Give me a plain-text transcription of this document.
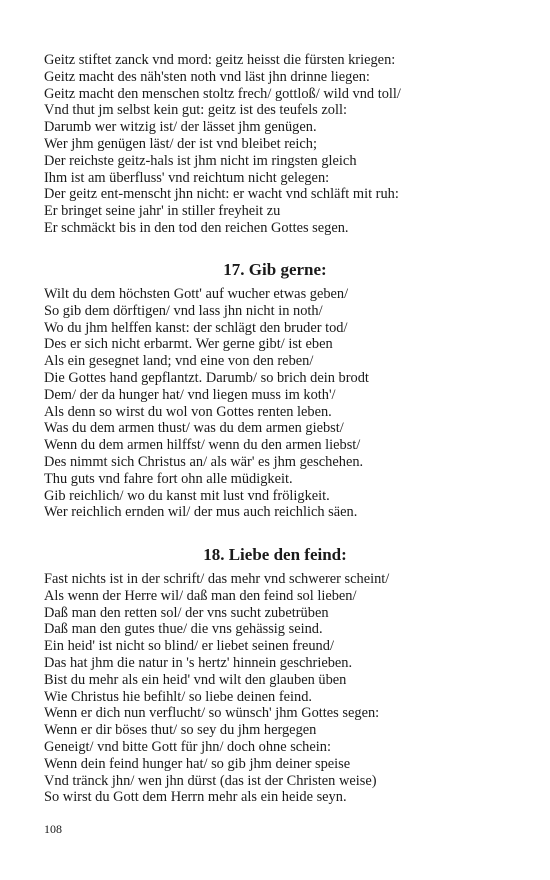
Geitz stiftet zanck vnd mord: geitz heisst die fürsten kriegen:
Geitz macht des näh'sten noth vnd läst jhn drinne liegen:
Geitz macht den menschen stoltz frech/ gottloß/ wild vnd toll/
Vnd thut jm selbst kein gut: geitz ist des teufels zoll:
Darumb wer witzig ist/ der lässet jhm genügen.
Wer jhm genügen läst/ der ist vnd bleibet reich;
Der reichste geitz-hals ist jhm nicht im ringsten gleich
Ihm ist am überfluss' vnd reichtum nicht gelegen:
Der geitz ent-menscht jhn nicht: er wacht vnd schläft mit ruh:
Er bringet seine jahr' in stiller freyheit zu
Er schmäckt bis in den tod den reichen Gottes segen.
17. Gib gerne:
Wilt du dem höchsten Gott' auf wucher etwas geben/
So gib dem dörftigen/ vnd lass jhn nicht in noth/
Wo du jhm helffen kanst: der schlägt den bruder tod/
Des er sich nicht erbarmt. Wer gerne gibt/ ist eben
Als ein gesegnet land; vnd eine von den reben/
Die Gottes hand gepflantzt. Darumb/ so brich dein brodt
Dem/ der da hunger hat/ vnd liegen muss im koth'/
Als denn so wirst du wol von Gottes renten leben.
Was du dem armen thust/ was du dem armen giebst/
Wenn du dem armen hilffst/ wenn du den armen liebst/
Des nimmt sich Christus an/ als wär' es jhm geschehen.
Thu guts vnd fahre fort ohn alle müdigkeit.
Gib reichlich/ wo du kanst mit lust vnd fröligkeit.
Wer reichlich ernden wil/ der mus auch reichlich säen.
18. Liebe den feind:
Fast nichts ist in der schrift/ das mehr vnd schwerer scheint/
Als wenn der Herre wil/ daß man den feind sol lieben/
Daß man den retten sol/ der vns sucht zubetrüben
Daß man den gutes thue/ die vns gehässig seind.
Ein heid' ist nicht so blind/ er liebet seinen freund/
Das hat jhm die natur in 's hertz' hinnein geschrieben.
Bist du mehr als ein heid' vnd wilt den glauben üben
Wie Christus hie befihlt/ so liebe deinen feind.
Wenn er dich nun verflucht/ so wünsch' jhm Gottes segen:
Wenn er dir böses thut/ so sey du jhm hergegen
Geneigt/ vnd bitte Gott für jhn/ doch ohne schein:
Wenn dein feind hunger hat/ so gib jhm deiner speise
Vnd tränck jhn/ wen jhn dürst (das ist der Christen weise)
So wirst du Gott dem Herrn mehr als ein heide seyn.
108
